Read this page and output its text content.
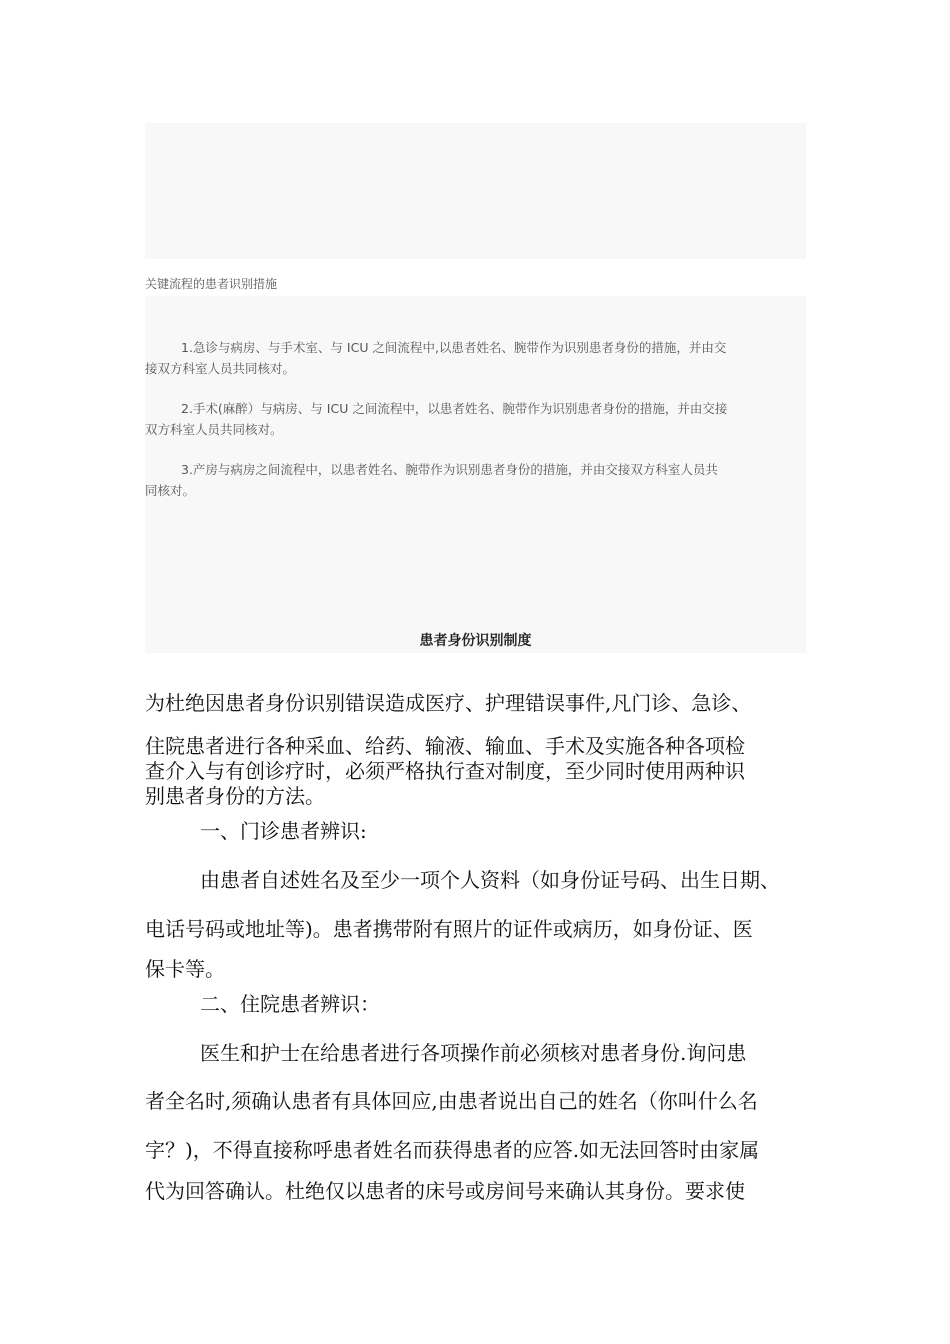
关键流程的患者识别措施

1.急诊与病房、与手术室、与 ICU 之间流程中,以患者姓名、腕带作为识别患者身份的措施，并由交
接双方科室人员共同核对。

2.手术(麻醉）与病房、与 ICU 之间流程中，以患者姓名、腕带作为识别患者身份的措施，并由交接
双方科室人员共同核对。

3.产房与病房之间流程中，以患者姓名、腕带作为识别患者身份的措施，并由交接双方科室人员共
同核对。

患者身份识别制度

为杜绝因患者身份识别错误造成医疗、护理错误事件,凡门诊、急诊、

住院患者进行各种采血、给药、输液、输血、手术及实施各种各项检

查介入与有创诊疗时，必须严格执行查对制度，至少同时使用两种识

别患者身份的方法。

一、门诊患者辨识:

由患者自述姓名及至少一项个人资料（如身份证号码、出生日期、

电话号码或地址等)。患者携带附有照片的证件或病历，如身份证、医

保卡等。

二、住院患者辨识：

医生和护士在给患者进行各项操作前必须核对患者身份.询问患

者全名时,须确认患者有具体回应,由患者说出自己的姓名（你叫什么名

字？)，不得直接称呼患者姓名而获得患者的应答.如无法回答时由家属

代为回答确认。杜绝仅以患者的床号或房间号来确认其身份。要求使
